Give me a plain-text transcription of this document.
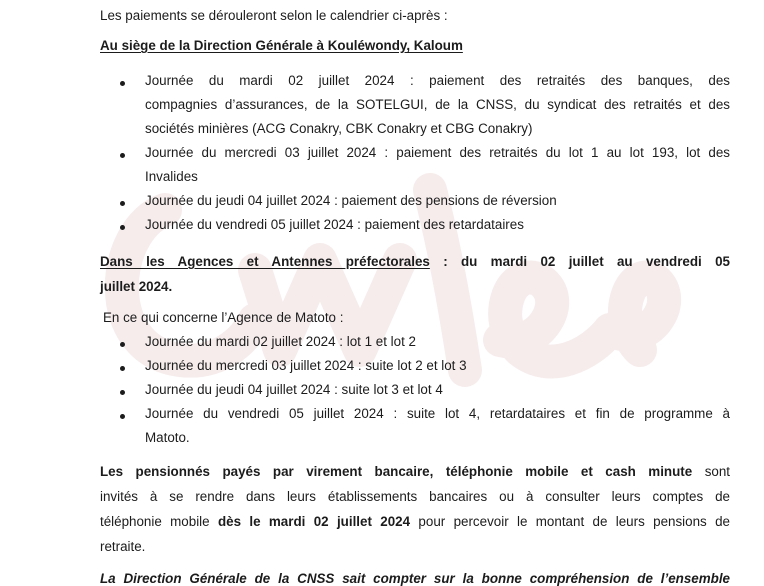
Les paiements se dérouleront selon le calendrier ci-après :
Au siège de la Direction Générale à Kouléwondy, Kaloum
Journée du mardi 02 juillet 2024 : paiement des retraités des banques, des
compagnies d’assurances, de la SOTELGUI, de la CNSS, du syndicat des retraités et des
sociétés minières (ACG Conakry, CBK Conakry et CBG Conakry)
Journée du mercredi 03 juillet 2024 : paiement des retraités du lot 1 au lot 193, lot des
Invalides
Journée du jeudi 04 juillet 2024 : paiement des pensions de réversion
Journée du vendredi 05 juillet 2024 : paiement des retardataires
Dans les Agences et Antennes préfectorales : du mardi 02 juillet au vendredi 05
juillet 2024.
En ce qui concerne l’Agence de Matoto :
Journée du mardi 02 juillet 2024 : lot 1 et lot 2
Journée du mercredi 03 juillet 2024 : suite lot 2 et lot 3
Journée du jeudi 04 juillet 2024 : suite lot 3 et lot 4
Journée du vendredi 05 juillet 2024 : suite lot 4, retardataires et fin de programme à
Matoto.
Les pensionnés payés par virement bancaire, téléphonie mobile et cash minute sont
invités à se rendre dans leurs établissements bancaires ou à consulter leurs comptes de
téléphonie mobile dès le mardi 02 juillet 2024 pour percevoir le montant de leurs pensions de
retraite.
La Direction Générale de la CNSS sait compter sur la bonne compréhension de l’ensemble
